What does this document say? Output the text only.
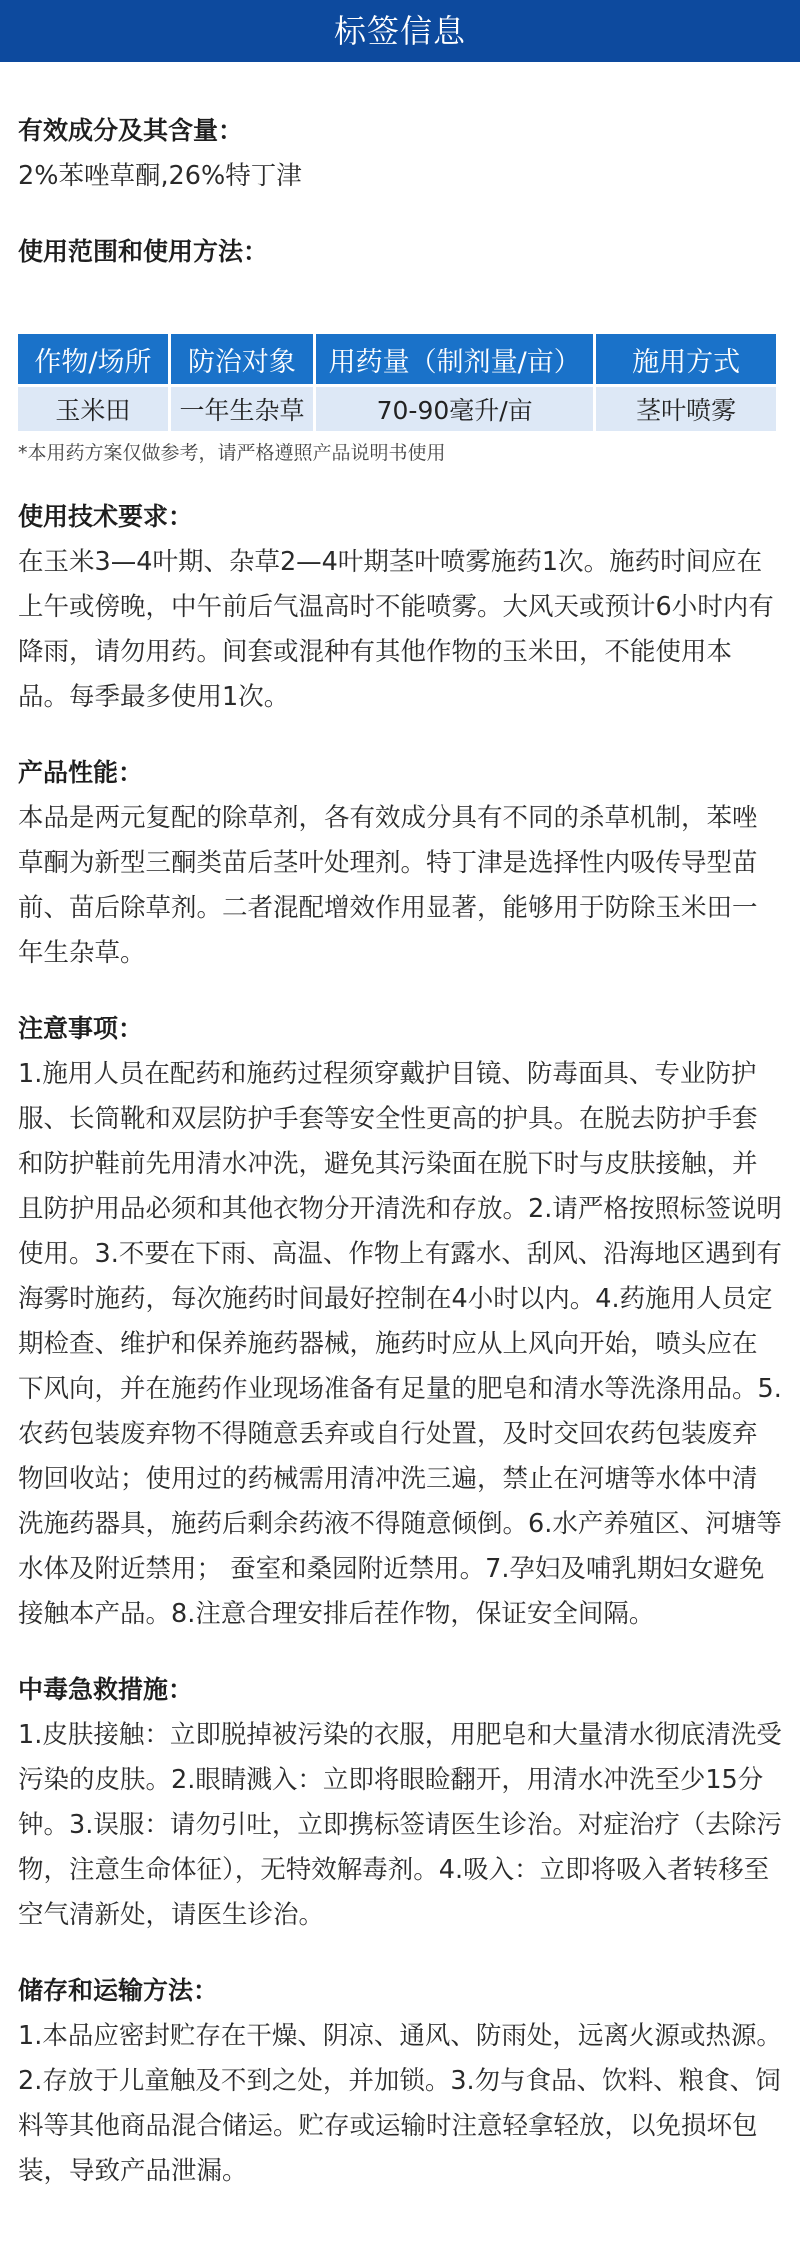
标签信息
有效成分及其含量：
2%苯唑草酮,26%特丁津
使用范围和使用方法：
作物/场所	防治对象	用药量（制剂量/亩）	施用方式
玉米田	一年生杂草	70-90毫升/亩	茎叶喷雾
*本用药方案仅做参考，请严格遵照产品说明书使用
使用技术要求：
在玉米3—4叶期、杂草2—4叶期茎叶喷雾施药1次。施药时间应在上午或傍晚，中午前后气温高时不能喷雾。大风天或预计6小时内有降雨，请勿用药。间套或混种有其他作物的玉米田，不能使用本品。每季最多使用1次。
产品性能：
本品是两元复配的除草剂，各有效成分具有不同的杀草机制，苯唑草酮为新型三酮类苗后茎叶处理剂。特丁津是选择性内吸传导型苗前、苗后除草剂。二者混配增效作用显著，能够用于防除玉米田一年生杂草。
注意事项：
1.施用人员在配药和施药过程须穿戴护目镜、防毒面具、专业防护服、长筒靴和双层防护手套等安全性更高的护具。在脱去防护手套和防护鞋前先用清水冲洗，避免其污染面在脱下时与皮肤接触，并且防护用品必须和其他衣物分开清洗和存放。2.请严格按照标签说明使用。3.不要在下雨、高温、作物上有露水、刮风、沿海地区遇到有海雾时施药，每次施药时间最好控制在4小时以内。4.药施用人员定期检查、维护和保养施药器械，施药时应从上风向开始，喷头应在下风向，并在施药作业现场准备有足量的肥皂和清水等洗涤用品。5.农药包装废弃物不得随意丢弃或自行处置，及时交回农药包装废弃物回收站；使用过的药械需用清冲洗三遍，禁止在河塘等水体中清洗施药器具，施药后剩余药液不得随意倾倒。6.水产养殖区、河塘等水体及附近禁用； 蚕室和桑园附近禁用。7.孕妇及哺乳期妇女避免接触本产品。8.注意合理安排后茬作物，保证安全间隔。
中毒急救措施：
1.皮肤接触：立即脱掉被污染的衣服，用肥皂和大量清水彻底清洗受污染的皮肤。2.眼睛溅入：立即将眼睑翻开，用清水冲洗至少15分钟。3.误服：请勿引吐，立即携标签请医生诊治。对症治疗（去除污物，注意生命体征），无特效解毒剂。4.吸入：立即将吸入者转移至空气清新处，请医生诊治。
储存和运输方法：
1.本品应密封贮存在干燥、阴凉、通风、防雨处，远离火源或热源。2.存放于儿童触及不到之处，并加锁。3.勿与食品、饮料、粮食、饲料等其他商品混合储运。贮存或运输时注意轻拿轻放，以免损坏包装，导致产品泄漏。
